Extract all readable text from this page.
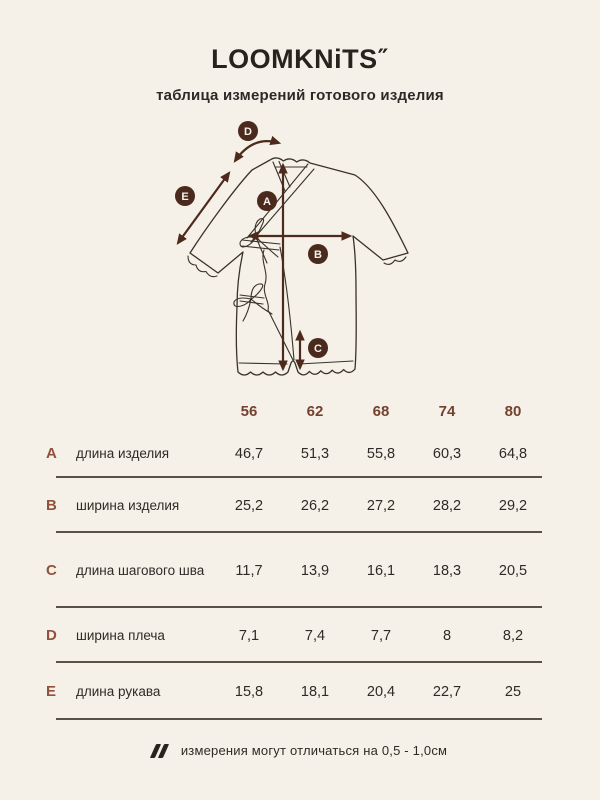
LOOMKNiTS″
таблица измерений готового изделия
A
B
C
D
E
56	62	68	74	80
A	длина изделия	46,7	51,3	55,8	60,3	64,8
B	ширина изделия	25,2	26,2	27,2	28,2	29,2
C	длина шагового шва	11,7	13,9	16,1	18,3	20,5
D	ширина плеча	7,1	7,4	7,7	8	8,2
E	длина рукава	15,8	18,1	20,4	22,7	25
измерения могут отличаться на 0,5 - 1,0см
